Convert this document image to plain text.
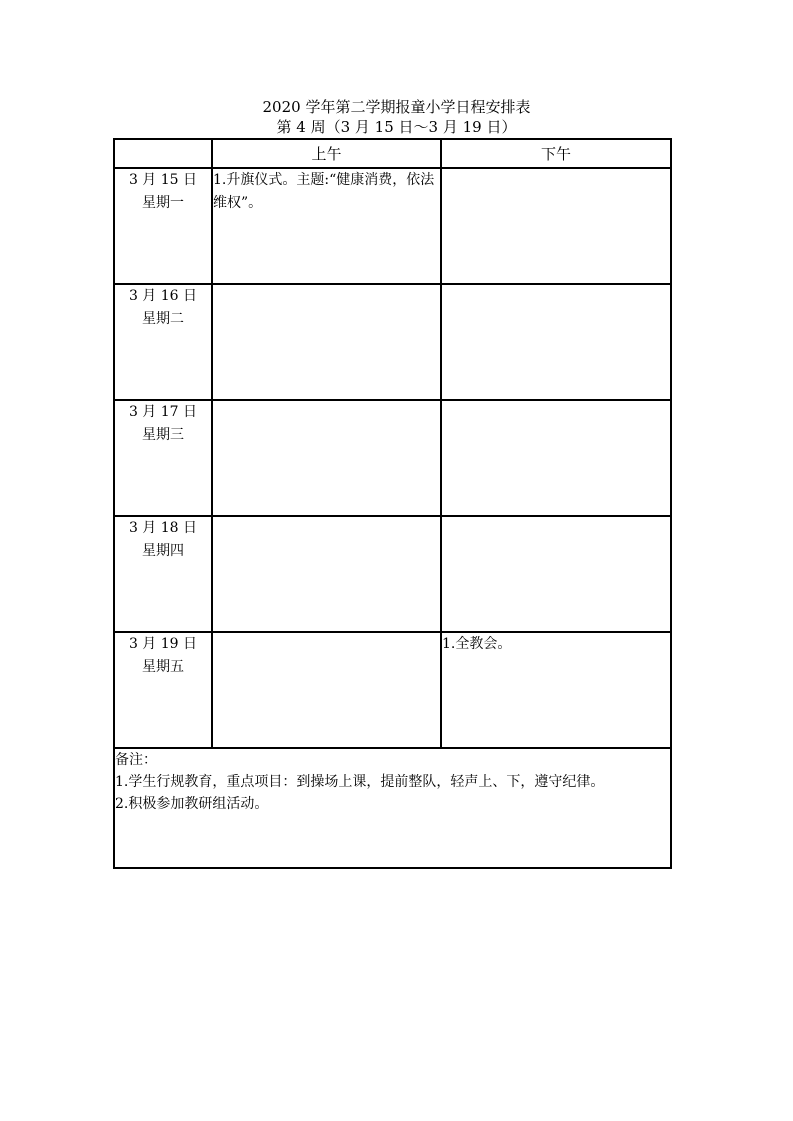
2020 学年第二学期报童小学日程安排表
第 4 周（3 月 15 日～3 月 19 日）
	上午	下午

3 月 15 日
星期一	1.升旗仪式。主题:“健康消费，依法维权”。	

3 月 16 日
星期二		

3 月 17 日
星期三		

3 月 18 日
星期四		

3 月 19 日
星期五		1.全教会。

备注：
1.学生行规教育，重点项目：到操场上课，提前整队，轻声上、下，遵守纪律。
2.积极参加教研组活动。		
